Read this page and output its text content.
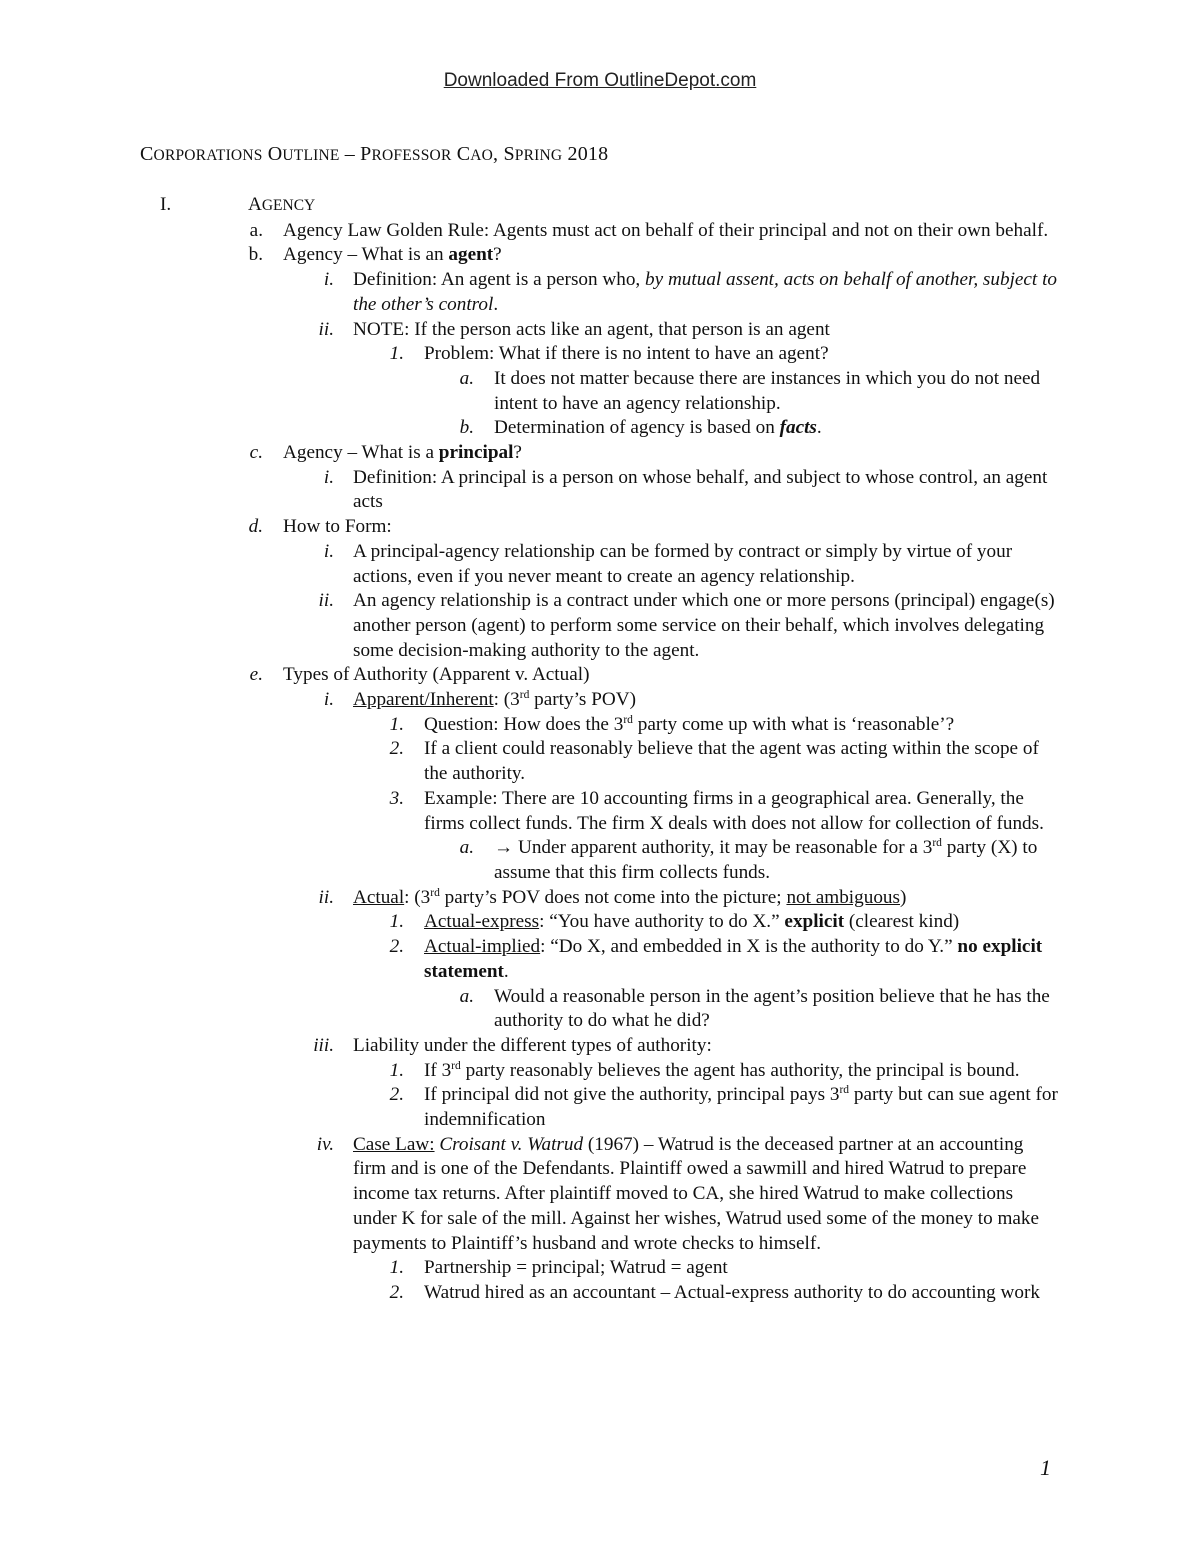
Downloaded From OutlineDepot.com
CORPORATIONS OUTLINE – PROFESSOR CAO, SPRING 2018
I.	AGENCY
a.	Agency Law Golden Rule: Agents must act on behalf of their principal and not on their own behalf.
b.	Agency – What is an agent?
i. Definition: An agent is a person who, by mutual assent, acts on behalf of another, subject to the other’s control.
ii. NOTE: If the person acts like an agent, that person is an agent
1.	Problem: What if there is no intent to have an agent?
a.	It does not matter because there are instances in which you do not need intent to have an agency relationship.
b.	Determination of agency is based on facts.
c.	Agency – What is a principal?
i. Definition: A principal is a person on whose behalf, and subject to whose control, an agent acts
d.	How to Form:
i. A principal-agency relationship can be formed by contract or simply by virtue of your actions, even if you never meant to create an agency relationship.
ii. An agency relationship is a contract under which one or more persons (principal) engage(s) another person (agent) to perform some service on their behalf, which involves delegating some decision-making authority to the agent.
e.	Types of Authority (Apparent v. Actual)
i. Apparent/Inherent: (3rd party’s POV)
1.	Question: How does the 3rd party come up with what is ‘reasonable’?
2.	If a client could reasonably believe that the agent was acting within the scope of the authority.
3.	Example: There are 10 accounting firms in a geographical area. Generally, the firms collect funds. The firm X deals with does not allow for collection of funds.
a.	→ Under apparent authority, it may be reasonable for a 3rd party (X) to assume that this firm collects funds.
ii. Actual: (3rd party’s POV does not come into the picture; not ambiguous)
1.	Actual-express: “You have authority to do X.” explicit (clearest kind)
2.	Actual-implied: “Do X, and embedded in X is the authority to do Y.” no explicit statement.
a.	Would a reasonable person in the agent’s position believe that he has the authority to do what he did?
iii. Liability under the different types of authority:
1.	If 3rd party reasonably believes the agent has authority, the principal is bound.
2.	If principal did not give the authority, principal pays 3rd party but can sue agent for indemnification
iv. Case Law: Croisant v. Watrud (1967) – Watrud is the deceased partner at an accounting firm and is one of the Defendants. Plaintiff owed a sawmill and hired Watrud to prepare income tax returns. After plaintiff moved to CA, she hired Watrud to make collections under K for sale of the mill. Against her wishes, Watrud used some of the money to make payments to Plaintiff’s husband and wrote checks to himself.
1.	Partnership = principal; Watrud = agent
2.	Watrud hired as an accountant – Actual-express authority to do accounting work
1
